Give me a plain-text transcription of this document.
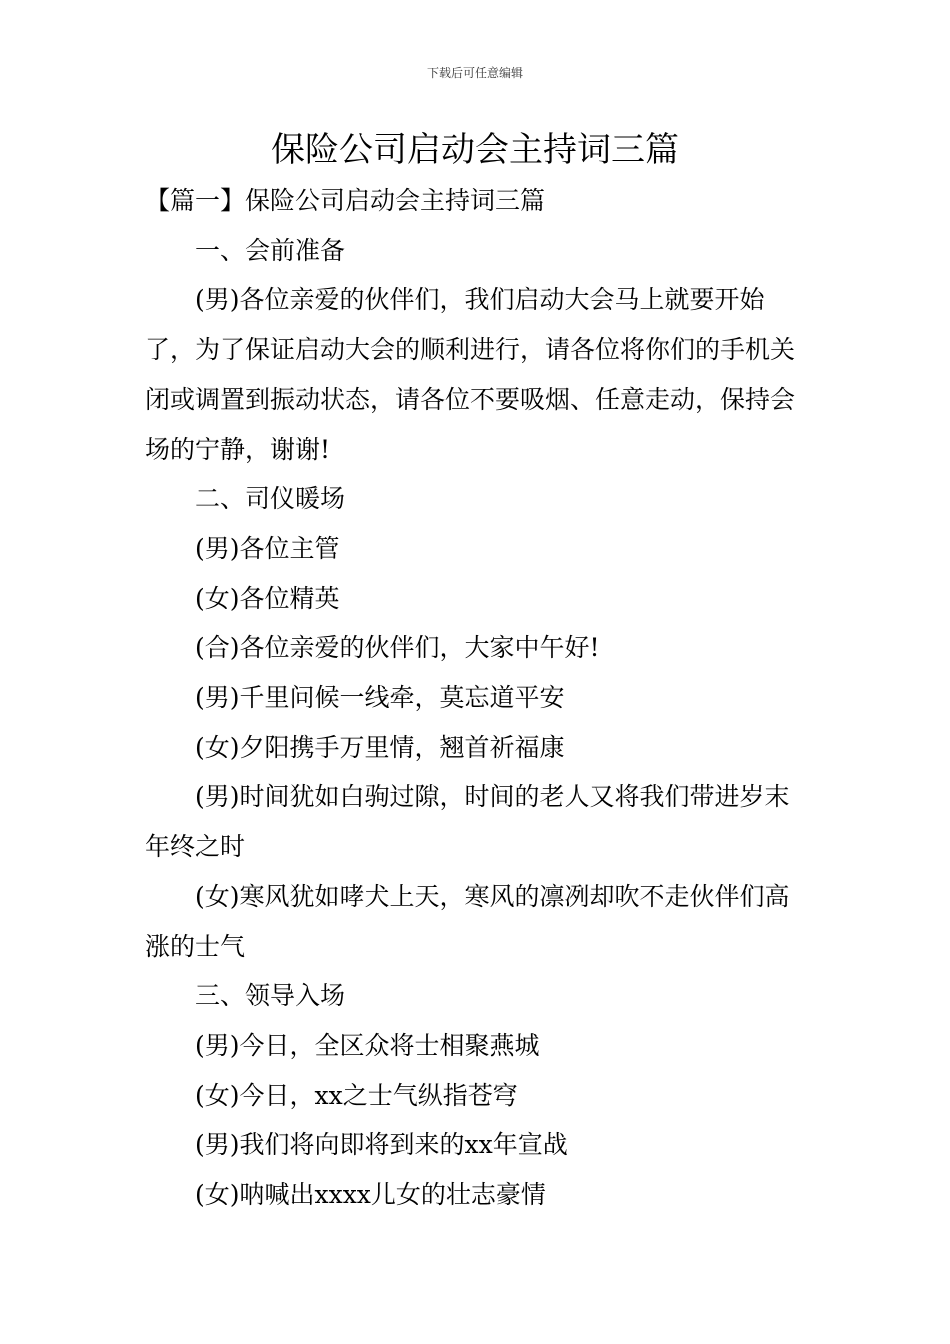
下载后可任意编辑
保险公司启动会主持词三篇

【篇一】保险公司启动会主持词三篇

一、会前准备

(男)各位亲爱的伙伴们，我们启动大会马上就要开始了，为了保证启动大会的顺利进行，请各位将你们的手机关闭或调置到振动状态，请各位不要吸烟、任意走动，保持会场的宁静，谢谢!

二、司仪暖场

(男)各位主管

(女)各位精英

(合)各位亲爱的伙伴们，大家中午好!

(男)千里问候一线牵，莫忘道平安

(女)夕阳携手万里情，翘首祈福康

(男)时间犹如白驹过隙，时间的老人又将我们带进岁末年终之时

(女)寒风犹如哮犬上天，寒风的凛冽却吹不走伙伴们高涨的士气

三、领导入场

(男)今日，全区众将士相聚燕城

(女)今日，xx之士气纵指苍穹

(男)我们将向即将到来的xx年宣战

(女)呐喊出xxxx儿女的壮志豪情
